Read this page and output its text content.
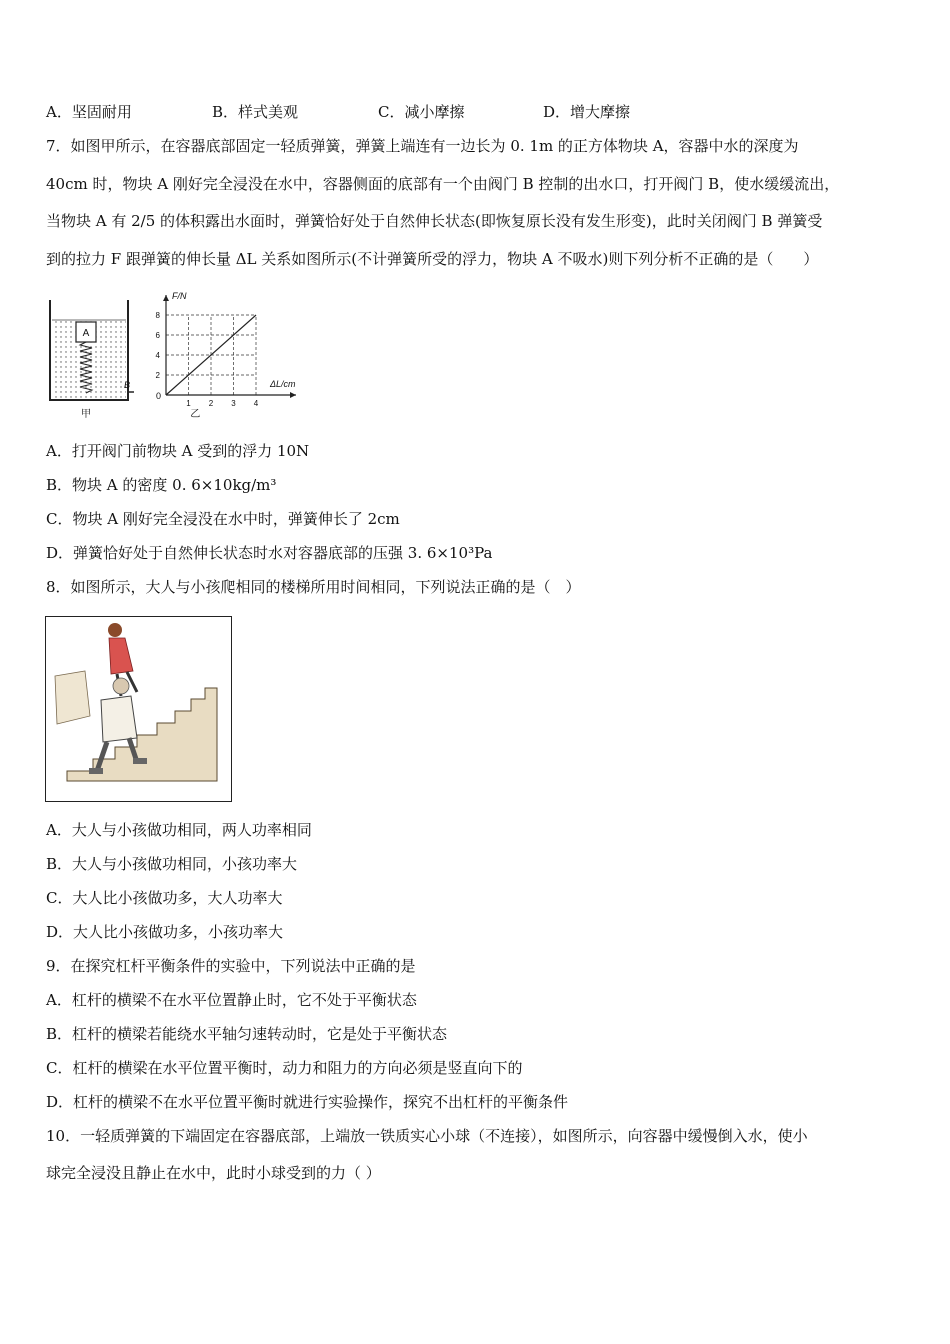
A．坚固耐用	B．样式美观	C．减小摩擦	D．增大摩擦
7．如图甲所示，在容器底部固定一轻质弹簧，弹簧上端连有一边长为 0. 1m 的正方体物块 A，容器中水的深度为
40cm 时，物块 A 刚好完全浸没在水中，容器侧面的底部有一个由阀门 B 控制的出水口，打开阀门 B，使水缓缓流出，
当物块 A 有 2/5 的体积露出水面时，弹簧恰好处于自然伸长状态(即恢复原长没有发生形变)，此时关闭阀门 B 弹簧受
到的拉力 F 跟弹簧的伸长量 ΔL 关系如图所示(不计弹簧所受的浮力，物块 A 不吸水)则下列分析不正确的是（　　）
A
B
甲
2
4
6
8
1 2 3 4
F/N
ΔL/cm
0
乙
A．打开阀门前物块 A 受到的浮力 10N
B．物块 A 的密度 0. 6×10kg/m³
C．物块 A 刚好完全浸没在水中时，弹簧伸长了 2cm
D．弹簧恰好处于自然伸长状态时水对容器底部的压强 3. 6×10³Pa
8．如图所示，大人与小孩爬相同的楼梯所用时间相同，下列说法正确的是（　）
A．大人与小孩做功相同，两人功率相同
B．大人与小孩做功相同，小孩功率大
C．大人比小孩做功多，大人功率大
D．大人比小孩做功多，小孩功率大
9．在探究杠杆平衡条件的实验中，下列说法中正确的是
A．杠杆的横梁不在水平位置静止时，它不处于平衡状态
B．杠杆的横梁若能绕水平轴匀速转动时，它是处于平衡状态
C．杠杆的横梁在水平位置平衡时，动力和阻力的方向必须是竖直向下的
D．杠杆的横梁不在水平位置平衡时就进行实验操作，探究不出杠杆的平衡条件
10．一轻质弹簧的下端固定在容器底部，上端放一铁质实心小球（不连接），如图所示，向容器中缓慢倒入水，使小
球完全浸没且静止在水中，此时小球受到的力（ ）
